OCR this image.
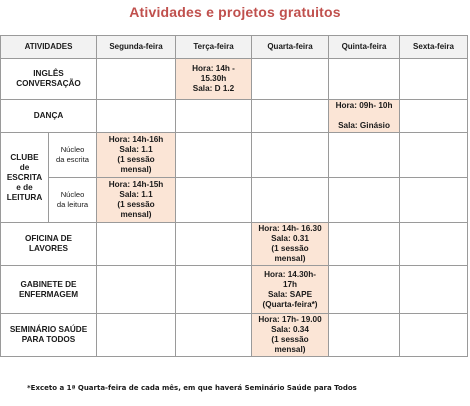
Atividades e projetos gratuitos
ATIVIDADES		Segunda-feira	Terça-feira	Quarta-feira	Quinta-feira	Sexta-feira

INGLÊS
CONVERSAÇÃO			Hora: 14h -
15.30h
Sala: D 1.2			

DANÇA					Hora: 09h- 10h

Sala: Ginásio	

CLUBE
de
ESCRITA
e de
LEITURA	Núcleo
da escrita	Hora: 14h-16h
Sala: 1.1
(1 sessão
mensal)				

	Núcleo
da leitura	Hora: 14h-15h
Sala: 1.1
(1 sessão
mensal)				

OFICINA DE
LAVORES				Hora: 14h- 16.30
Sala: 0.31
(1 sessão
mensal)		

GABINETE DE
ENFERMAGEM				Hora: 14.30h-
17h
Sala: SAPE
(Quarta-feira*)		

SEMINÁRIO SAÚDE
PARA TODOS				Hora: 17h- 19.00
Sala: 0.34
(1 sessão
mensal)		

*Exceto a 1ª Quarta-feira de cada mês, em que haverá Seminário Saúde para Todos
